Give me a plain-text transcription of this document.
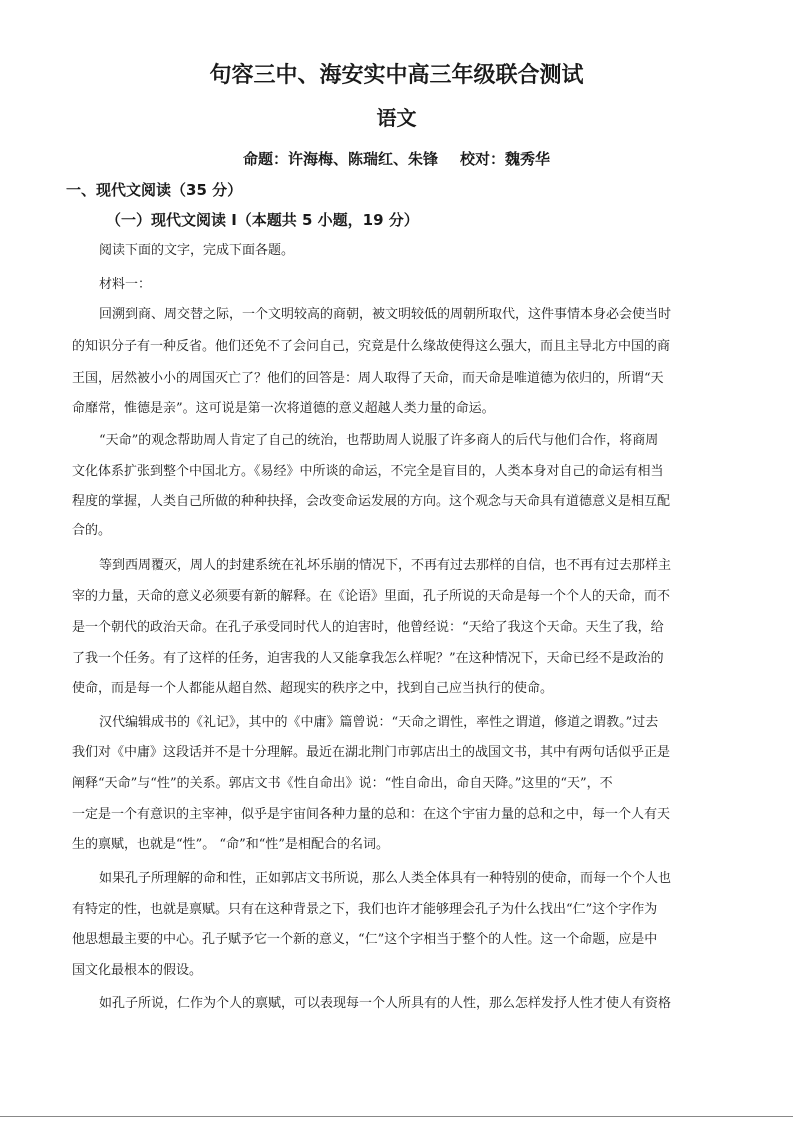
句容三中、海安实中高三年级联合测试
语文
命题：许海梅、陈瑞红、朱锋 校对：魏秀华
一、现代文阅读（35 分）
（一）现代文阅读 I（本题共 5 小题，19 分）
阅读下面的文字，完成下面各题。
材料一：
回溯到商、周交替之际，一个文明较高的商朝，被文明较低的周朝所取代，这件事情本身必会使当时
的知识分子有一种反省。他们还免不了会问自己，究竟是什么缘故使得这么强大，而且主导北方中国的商
王国，居然被小小的周国灭亡了？他们的回答是：周人取得了天命，而天命是唯道德为依归的，所谓“天
命靡常，惟德是亲”。这可说是第一次将道德的意义超越人类力量的命运。
“天命”的观念帮助周人肯定了自己的统治，也帮助周人说服了许多商人的后代与他们合作，将商周
文化体系扩张到整个中国北方。《易经》中所谈的命运，不完全是盲目的，人类本身对自己的命运有相当
程度的掌握，人类自己所做的种种抉择，会改变命运发展的方向。这个观念与天命具有道德意义是相互配
合的。
等到西周覆灭，周人的封建系统在礼坏乐崩的情况下，不再有过去那样的自信，也不再有过去那样主
宰的力量，天命的意义必须要有新的解释。在《论语》里面，孔子所说的天命是每一个个人的天命，而不
是一个朝代的政治天命。在孔子承受同时代人的迫害时，他曾经说：“天给了我这个天命。天生了我，给
了我一个任务。有了这样的任务，迫害我的人又能拿我怎么样呢？”在这种情况下，天命已经不是政治的
使命，而是每一个人都能从超自然、超现实的秩序之中，找到自己应当执行的使命。
汉代编辑成书的《礼记》，其中的《中庸》篇曾说：“天命之谓性，率性之谓道，修道之谓教。”过去
我们对《中庸》这段话并不是十分理解。最近在湖北荆门市郭店出土的战国文书，其中有两句话似乎正是
阐释“天命”与“性”的关系。郭店文书《性自命出》说：“性自命出，命自天降。”这里的“天”，不
一定是一个有意识的主宰神，似乎是宇宙间各种力量的总和：在这个宇宙力量的总和之中，每一个人有天
生的禀赋，也就是“性”。 “命”和“性”是相配合的名词。
如果孔子所理解的命和性，正如郭店文书所说，那么人类全体具有一种特别的使命，而每一个个人也
有特定的性，也就是禀赋。只有在这种背景之下，我们也许才能够理会孔子为什么找出“仁”这个字作为
他思想最主要的中心。孔子赋予它一个新的意义，“仁”这个字相当于整个的人性。这一个命题，应是中
国文化最根本的假设。
如孔子所说，仁作为个人的禀赋，可以表现每一个人所具有的人性，那么怎样发抒人性才使人有资格
